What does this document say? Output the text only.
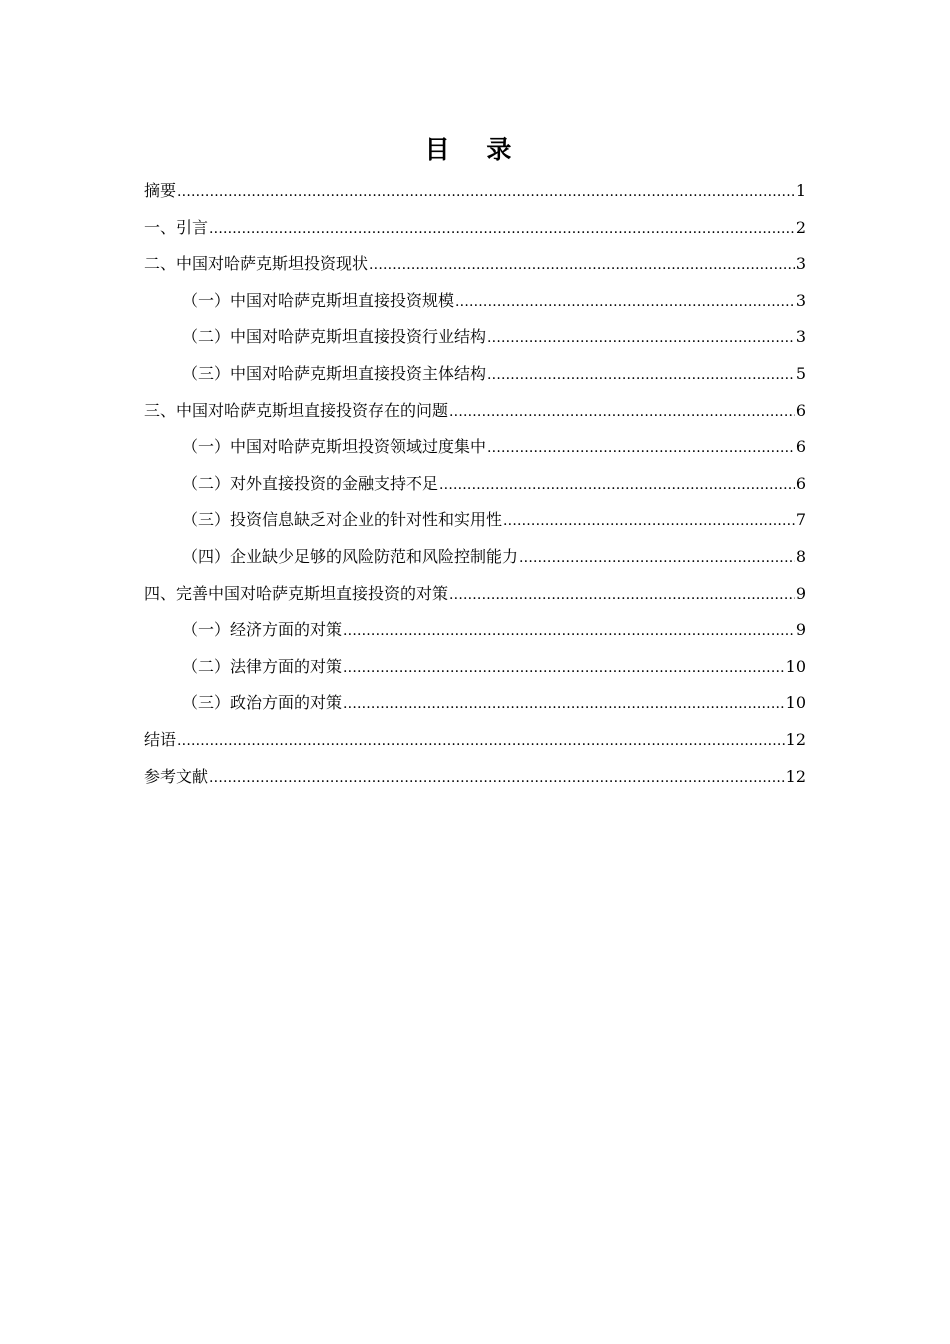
目 录
摘要 .....	1
一、引言 .....	2
二、中国对哈萨克斯坦投资现状 .....	3
（一）中国对哈萨克斯坦直接投资规模 .....	3
（二）中国对哈萨克斯坦直接投资行业结构 .....	3
（三）中国对哈萨克斯坦直接投资主体结构 .....	5
三、中国对哈萨克斯坦直接投资存在的问题 .....	6
（一）中国对哈萨克斯坦投资领域过度集中 .....	6
（二）对外直接投资的金融支持不足 .....	6
（三）投资信息缺乏对企业的针对性和实用性 .....	7
（四）企业缺少足够的风险防范和风险控制能力 .....	8
四、完善中国对哈萨克斯坦直接投资的对策 .....	9
（一）经济方面的对策 .....	9
（二）法律方面的对策 .....	10
（三）政治方面的对策 .....	10
结语 .....	12
参考文献 .....	12
